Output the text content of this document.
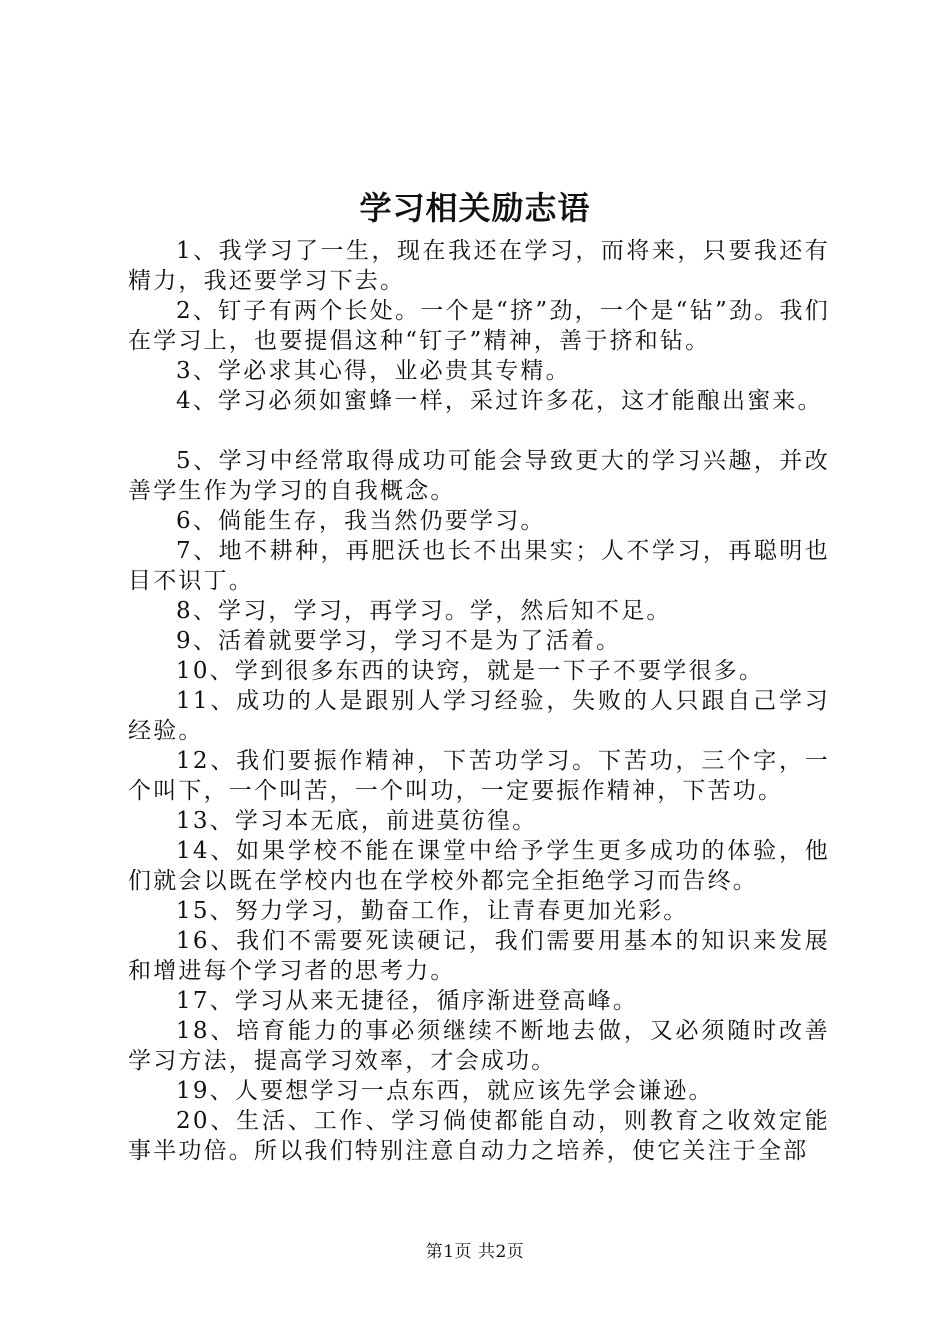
学习相关励志语

1、我学习了一生，现在我还在学习，而将来，只要我还有精力，我还要学习下去。

2、钉子有两个长处。一个是“挤”劲，一个是“钻”劲。我们在学习上，也要提倡这种“钉子”精神，善于挤和钻。

3、学必求其心得，业必贵其专精。

4、学习必须如蜜蜂一样，采过许多花，这才能酿出蜜来。

5、学习中经常取得成功可能会导致更大的学习兴趣，并改善学生作为学习的自我概念。

6、倘能生存，我当然仍要学习。

7、地不耕种，再肥沃也长不出果实；人不学习，再聪明也目不识丁。

8、学习，学习，再学习。学，然后知不足。

9、活着就要学习，学习不是为了活着。

10、学到很多东西的诀窍，就是一下子不要学很多。

11、成功的人是跟别人学习经验，失败的人只跟自己学习经验。

12、我们要振作精神，下苦功学习。下苦功，三个字，一个叫下，一个叫苦，一个叫功，一定要振作精神，下苦功。

13、学习本无底，前进莫彷徨。

14、如果学校不能在课堂中给予学生更多成功的体验，他们就会以既在学校内也在学校外都完全拒绝学习而告终。

15、努力学习，勤奋工作，让青春更加光彩。

16、我们不需要死读硬记，我们需要用基本的知识来发展和增进每个学习者的思考力。

17、学习从来无捷径，循序渐进登高峰。

18、培育能力的事必须继续不断地去做，又必须随时改善学习方法，提高学习效率，才会成功。

19、人要想学习一点东西，就应该先学会谦逊。

20、生活、工作、学习倘使都能自动，则教育之收效定能事半功倍。所以我们特别注意自动力之培养，使它关注于全部

第1页 共2页
